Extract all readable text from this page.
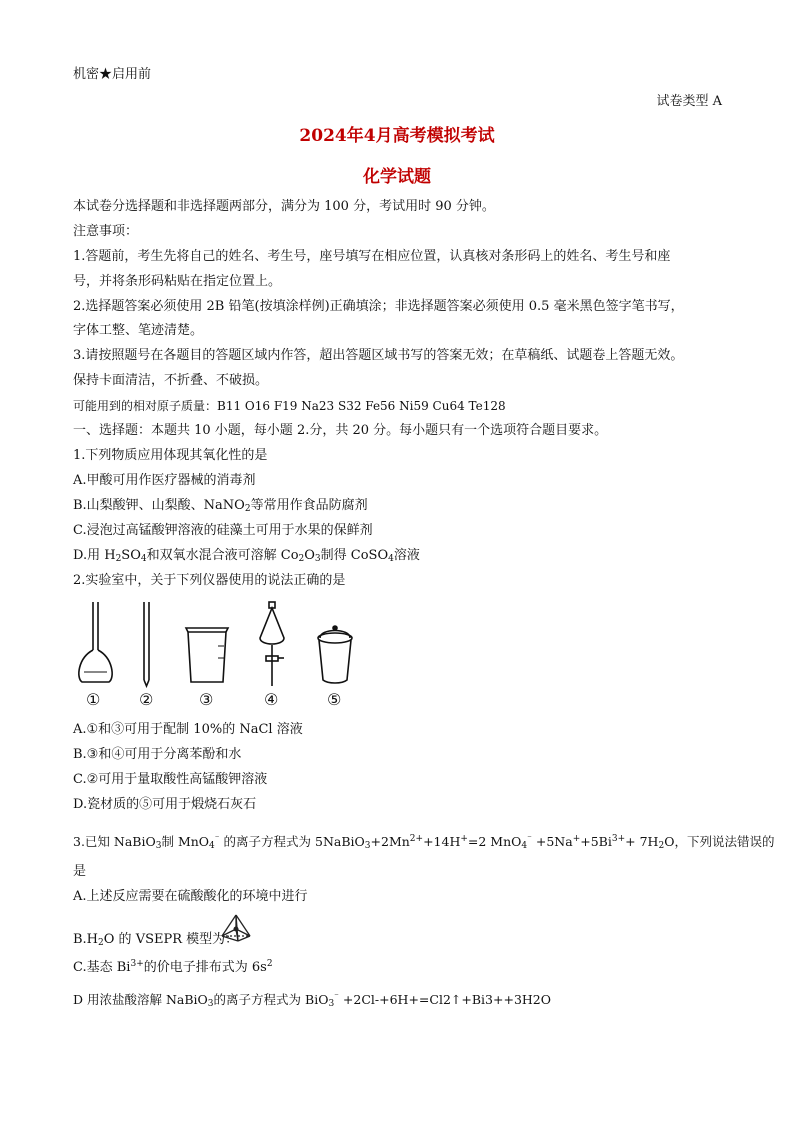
机密★启用前
试卷类型 A
2024年4月高考模拟考试
化学试题
本试卷分选择题和非选择题两部分，满分为 100 分，考试用时 90 分钟。
注意事项：
1.答题前，考生先将自己的姓名、考生号，座号填写在相应位置，认真核对条形码上的姓名、考生号和座
号，并将条形码粘贴在指定位置上。
2.选择题答案必须使用 2B 铅笔(按填涂样例)正确填涂；非选择题答案必须使用 0.5 毫米黑色签字笔书写，
字体工整、笔迹清楚。
3.请按照题号在各题目的答题区域内作答，超出答题区域书写的答案无效；在草稿纸、试题卷上答题无效。
保持卡面清洁，不折叠、不破损。
可能用到的相对原子质量：B11 O16 F19 Na23 S32 Fe56 Ni59 Cu64 Te128
一、选择题：本题共 10 小题，每小题 2.分，共 20 分。每小题只有一个选项符合题目要求。
1.下列物质应用体现其氧化性的是
A.甲酸可用作医疗器械的消毒剂
B.山梨酸钾、山梨酸、NaNO$_2$等常用作食品防腐剂
C.浸泡过高锰酸钾溶液的硅藻土可用于水果的保鲜剂
D.用 $H_2SO_4$和双氧水混合液可溶解 $Co_2O_3$制得 CoSO$_4$溶液
2.实验室中，关于下列仪器使用的说法正确的是
① ②	③	④	⑤
A.①和③可用于配制 10%的 NaCl 溶液
B.③和④可用于分离苯酚和水
C.②可用于量取酸性高锰酸钾溶液
D.瓷材质的⑤可用于煅烧石灰石
3.已知 NaBiO$_3$制 MnO$_4$⁻ 的离子方程式为 $5NaBiO_3+2Mn^{2+}+14H^+=2$ $MnO_4^{^-} +5Na^++5Bi^{3+}+ 7H_2O$，下列说法错误的
是
A.上述反应需要在硫酸酸化的环境中进行
$B.H_2O$ 的 VSEPR 模型为：
C.基态 $Bi^{3+}$的价电子排布式为 $6s^2$
D 用浓盐酸溶解 NaBiO$_3$的离子方程式为 BiO$_3$⁻ +2Cl-+6H+=Cl2↑+Bi3++3H2O
